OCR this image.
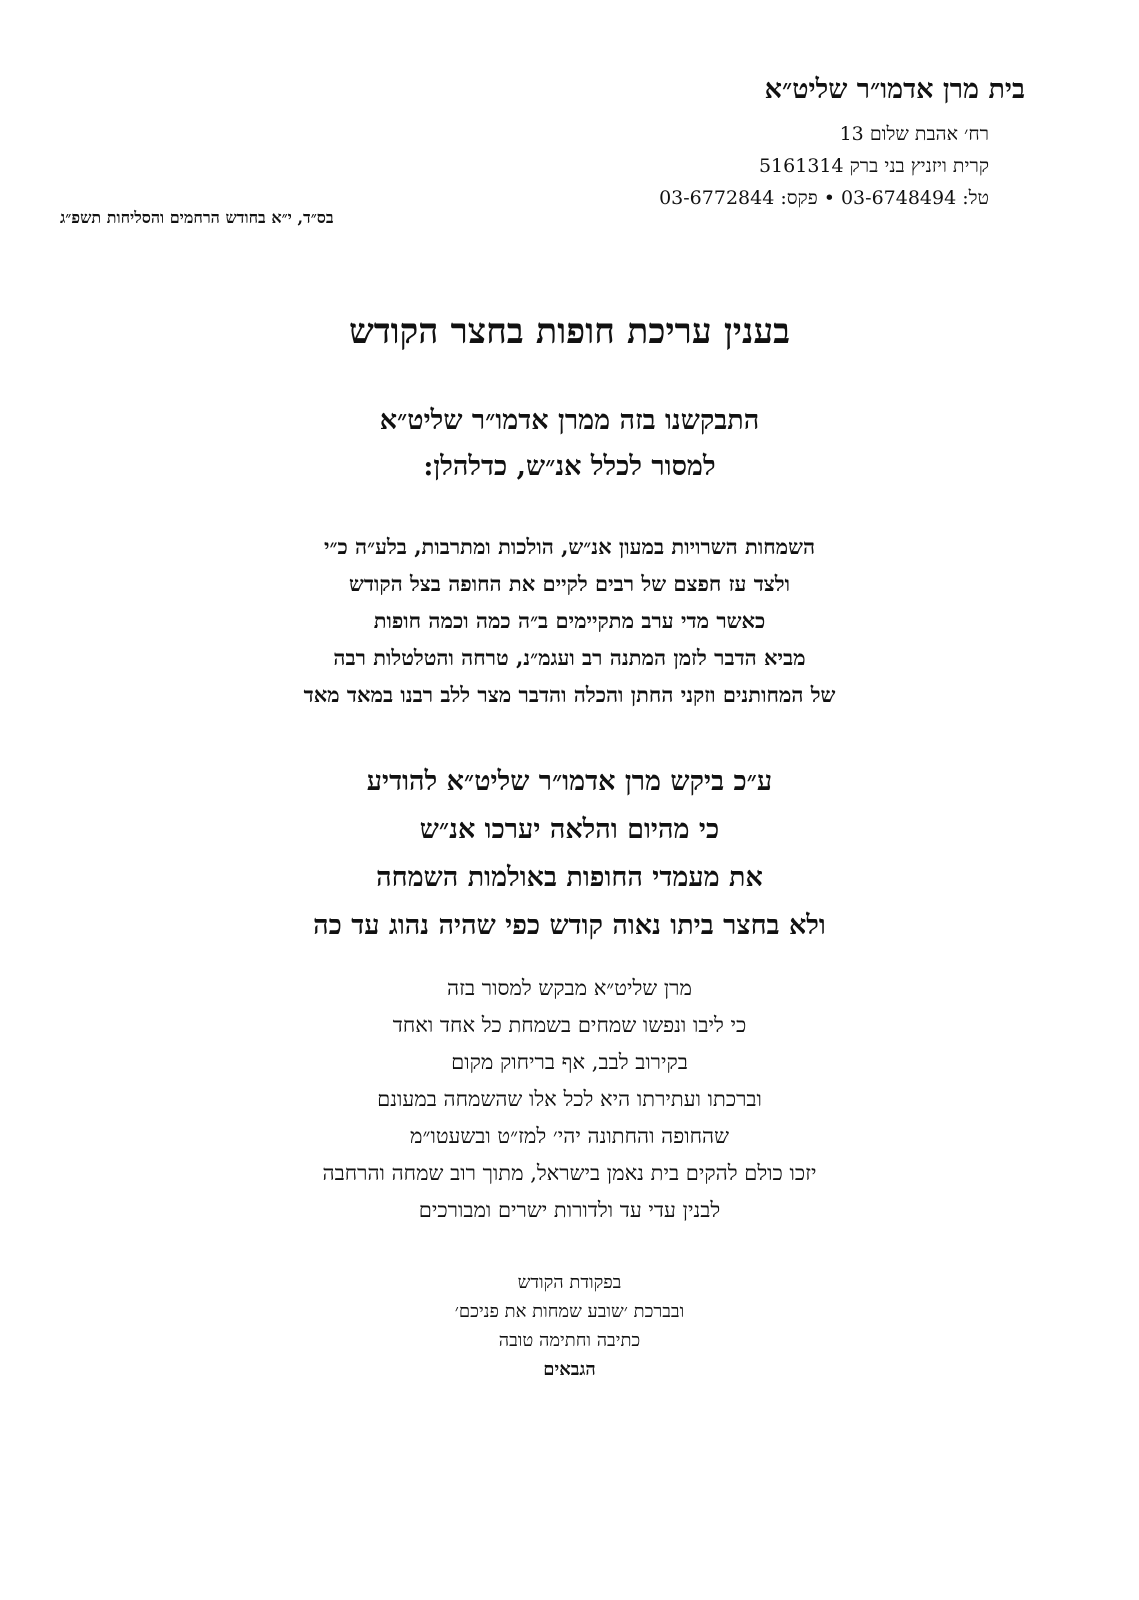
בית מרן אדמו״ר שליט״א
רח׳ אהבת שלום 13
קרית ויזניץ בני ברק 5161314
טל: 03-6748494 • פקס: 03-6772844
בס״ד, י״א בחודש הרחמים והסליחות תשפ״ג
בענין עריכת חופות בחצר הקודש
התבקשנו בזה ממרן אדמו״ר שליט״א
למסור לכלל אנ״ש, כדלהלן:
השמחות השרויות במעון אנ״ש, הולכות ומתרבות, בלע״ה כ״י
ולצד עז חפצם של רבים לקיים את החופה בצל הקודש
כאשר מדי ערב מתקיימים ב״ה כמה וכמה חופות
מביא הדבר לזמן המתנה רב ועגמ״נ, טרחה והטלטלות רבה
של המחותנים וזקני החתן והכלה והדבר מצר ללב רבנו במאד מאד
ע״כ ביקש מרן אדמו״ר שליט״א להודיע
כי מהיום והלאה יערכו אנ״ש
את מעמדי החופות באולמות השמחה
ולא בחצר ביתו נאוה קודש כפי שהיה נהוג עד כה
מרן שליט״א מבקש למסור בזה
כי ליבו ונפשו שמחים בשמחת כל אחד ואחד
בקירוב לבב, אף בריחוק מקום
וברכתו ועתירתו היא לכל אלו שהשמחה במעונם
שהחופה והחתונה יהי׳ למז״ט ובשעטו״מ
יזכו כולם להקים בית נאמן בישראל, מתוך רוב שמחה והרחבה
לבנין עדי עד ולדורות ישרים ומבורכים
בפקודת הקודש
ובברכת ׳שובע שמחות את פניכם׳
כתיבה וחתימה טובה
הגבאים
